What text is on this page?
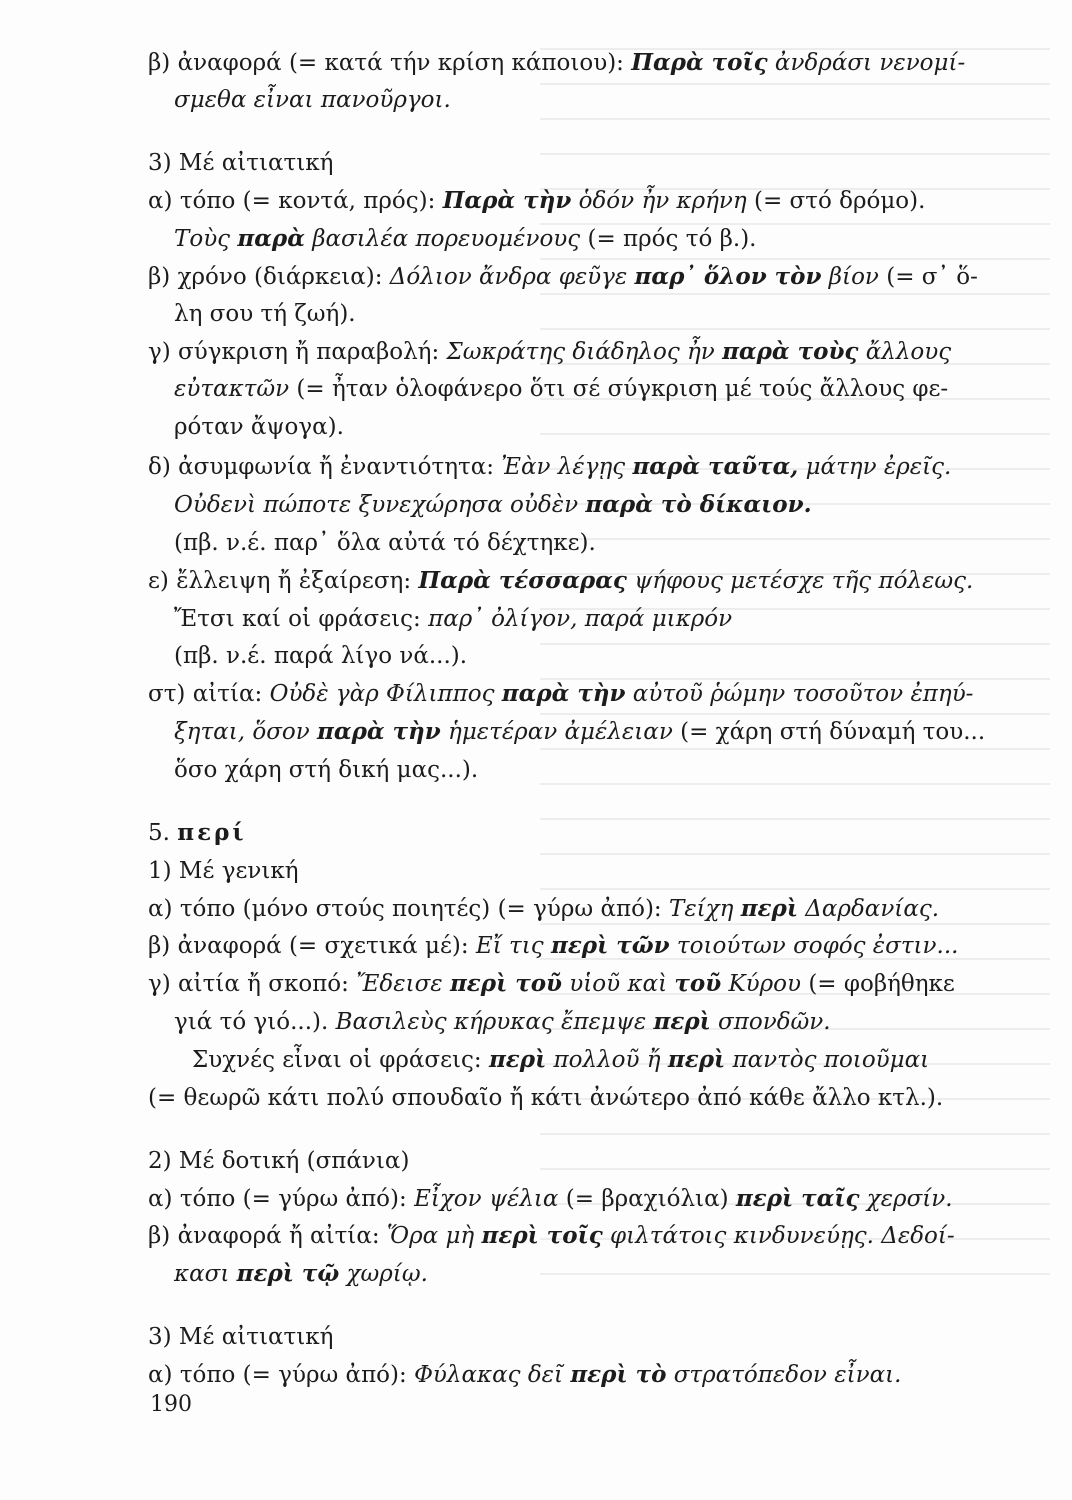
β) ἀναφορά (= κατά τήν κρίση κάποιου): Παρὰ τοῖς ἀνδράσι νενομί-
σμεθα εἶναι πανοῦργοι.
3) Μέ αἰτιατική
α) τόπο (= κοντά, πρός): Παρὰ τὴν ὁδόν ἦν κρήνη (= στό δρόμο).
Τοὺς παρὰ βασιλέα πορευομένους (= πρός τό β.).
β) χρόνο (διάρκεια): Δόλιον ἄνδρα φεῦγε παρ᾽ ὅλον τὸν βίον (= σ᾽ ὅ-
λη σου τή ζωή).
γ) σύγκριση ἤ παραβολή: Σωκράτης διάδηλος ἦν παρὰ τοὺς ἄλλους
εὐτακτῶν (= ἦταν ὁλοφάνερο ὅτι σέ σύγκριση μέ τούς ἄλλους φε-
ρόταν ἄψογα).
δ) ἀσυμφωνία ἤ ἐναντιότητα: Ἐὰν λέγῃς παρὰ ταῦτα, μάτην ἐρεῖς.
Οὐδενὶ πώποτε ξυνεχώρησα οὐδὲν παρὰ τὸ δίκαιον.
(πβ. ν.έ. παρ᾽ ὅλα αὐτά τό δέχτηκε).
ε) ἔλλειψη ἤ ἐξαίρεση: Παρὰ τέσσαρας ψήφους μετέσχε τῆς πόλεως.
Ἔτσι καί οἱ φράσεις: παρ᾽ ὀλίγον, παρά μικρόν
(πβ. ν.έ. παρά λίγο νά...).
στ) αἰτία: Οὐδὲ γὰρ Φίλιππος παρὰ τὴν αὐτοῦ ῥώμην τοσοῦτον ἐπηύ-
ξηται, ὅσον παρὰ τὴν ἡμετέραν ἀμέλειαν (= χάρη στή δύναμή του...
ὅσο χάρη στή δική μας...).
5. περί
1) Μέ γενική
α) τόπο (μόνο στούς ποιητές) (= γύρω ἀπό): Τείχη περὶ Δαρδανίας.
β) ἀναφορά (= σχετικά μέ): Εἴ τις περὶ τῶν τοιούτων σοφός ἐστιν...
γ) αἰτία ἤ σκοπό: Ἔδεισε περὶ τοῦ υἱοῦ καὶ τοῦ Κύρου (= φοβήθηκε
γιά τό γιό...). Βασιλεὺς κήρυκας ἔπεμψε περὶ σπονδῶν.
Συχνές εἶναι οἱ φράσεις: περὶ πολλοῦ ἤ περὶ παντὸς ποιοῦμαι
(= θεωρῶ κάτι πολύ σπουδαῖο ἤ κάτι ἀνώτερο ἀπό κάθε ἄλλο κτλ.).
2) Μέ δοτική (σπάνια)
α) τόπο (= γύρω ἀπό): Εἶχον ψέλια (= βραχιόλια) περὶ ταῖς χερσίν.
β) ἀναφορά ἤ αἰτία: Ὅρα μὴ περὶ τοῖς φιλτάτοις κινδυνεύῃς. Δεδοί-
κασι περὶ τῷ χωρίῳ.
3) Μέ αἰτιατική
α) τόπο (= γύρω ἀπό): Φύλακας δεῖ περὶ τὸ στρατόπεδον εἶναι.
190
